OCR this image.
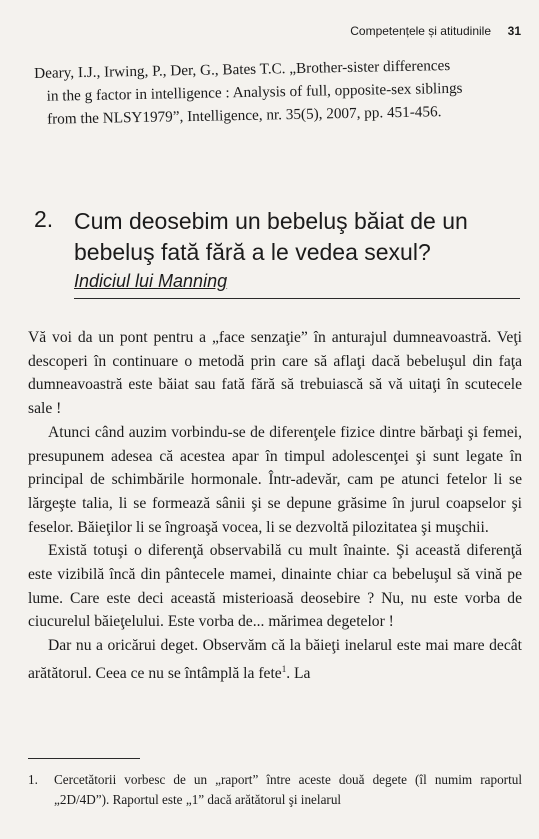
Competențele și atitudinile 31
Deary, I.J., Irwing, P., Der, G., Bates T.C. „Brother-sister differences
in the g factor in intelligence : Analysis of full, opposite-sex siblings
from the NLSY1979”, Intelligence, nr. 35(5), 2007, pp. 451-456.
2. Cum deosebim un bebeluş băiat de un
bebeluş fată fără a le vedea sexul?
Indiciul lui Manning

Vă voi da un pont pentru a „face senzaţie” în anturajul dumneavoastră. Veţi descoperi în continuare o metodă prin care să aflaţi dacă bebeluşul din faţa dumneavoastră este băiat sau fată fără să trebuiască să vă uitaţi în scutecele sale !

Atunci când auzim vorbindu-se de diferenţele fizice dintre bărbaţi şi femei, presupunem adesea că acestea apar în timpul adolescenţei şi sunt legate în principal de schimbările hormonale. Într-adevăr, cam pe atunci fetelor li se lărgeşte talia, li se formează sânii şi se depune grăsime în jurul coapselor şi feselor. Băieţilor li se îngroaşă vocea, li se dezvoltă pilozitatea şi muşchii.

Există totuşi o diferenţă observabilă cu mult înainte. Şi această diferenţă este vizibilă încă din pântecele mamei, dinainte chiar ca bebeluşul să vină pe lume. Care este deci această misterioasă deosebire ? Nu, nu este vorba de ciucurelul băieţelului. Este vorba de... mărimea degetelor !

Dar nu a oricărui deget. Observăm că la băieţi inelarul este mai mare decât arătătorul. Ceea ce nu se întâmplă la fete$^1$. La

1.	Cercetătorii vorbesc de un „raport” între aceste două degete (îl numim raportul „2D/4D”). Raportul este „1” dacă arătătorul şi inelarul
